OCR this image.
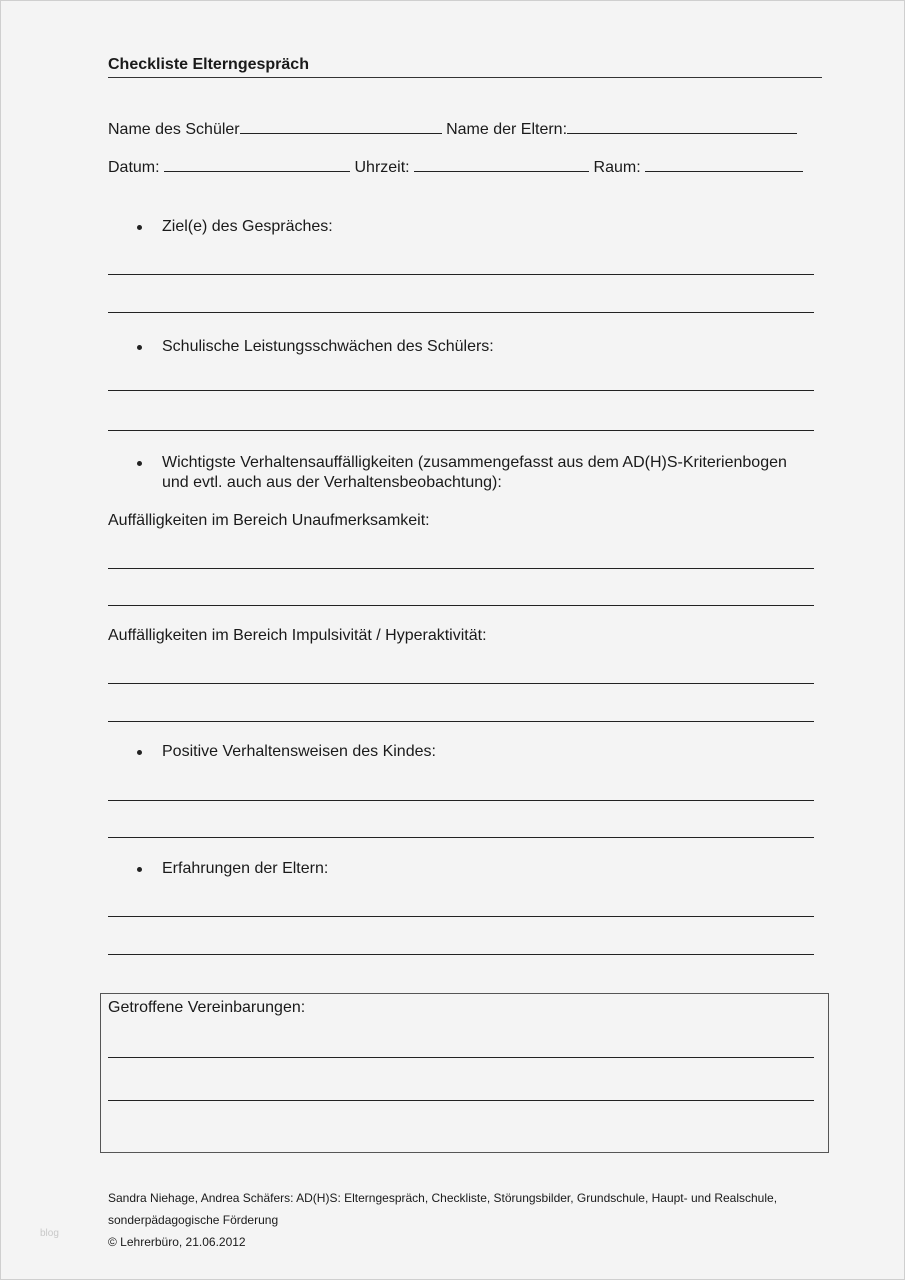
Checkliste Elterngespräch
Name des Schüler	Name der Eltern:
Datum:	Uhrzeit:	Raum:
Ziel(e) des Gespräches:
Schulische Leistungsschwächen des Schülers:
Wichtigste Verhaltensauffälligkeiten (zusammengefasst aus dem AD(H)S-Kriterienbogen
und evtl. auch aus der Verhaltensbeobachtung):
Auffälligkeiten im Bereich Unaufmerksamkeit:
Auffälligkeiten im Bereich Impulsivität / Hyperaktivität:
Positive Verhaltensweisen des Kindes:
Erfahrungen der Eltern:
Getroffene Vereinbarungen:
Sandra Niehage, Andrea Schäfers: AD(H)S: Elterngespräch, Checkliste, Störungsbilder, Grundschule, Haupt- und Realschule,
sonderpädagogische Förderung
© Lehrerbüro, 21.06.2012
blog
